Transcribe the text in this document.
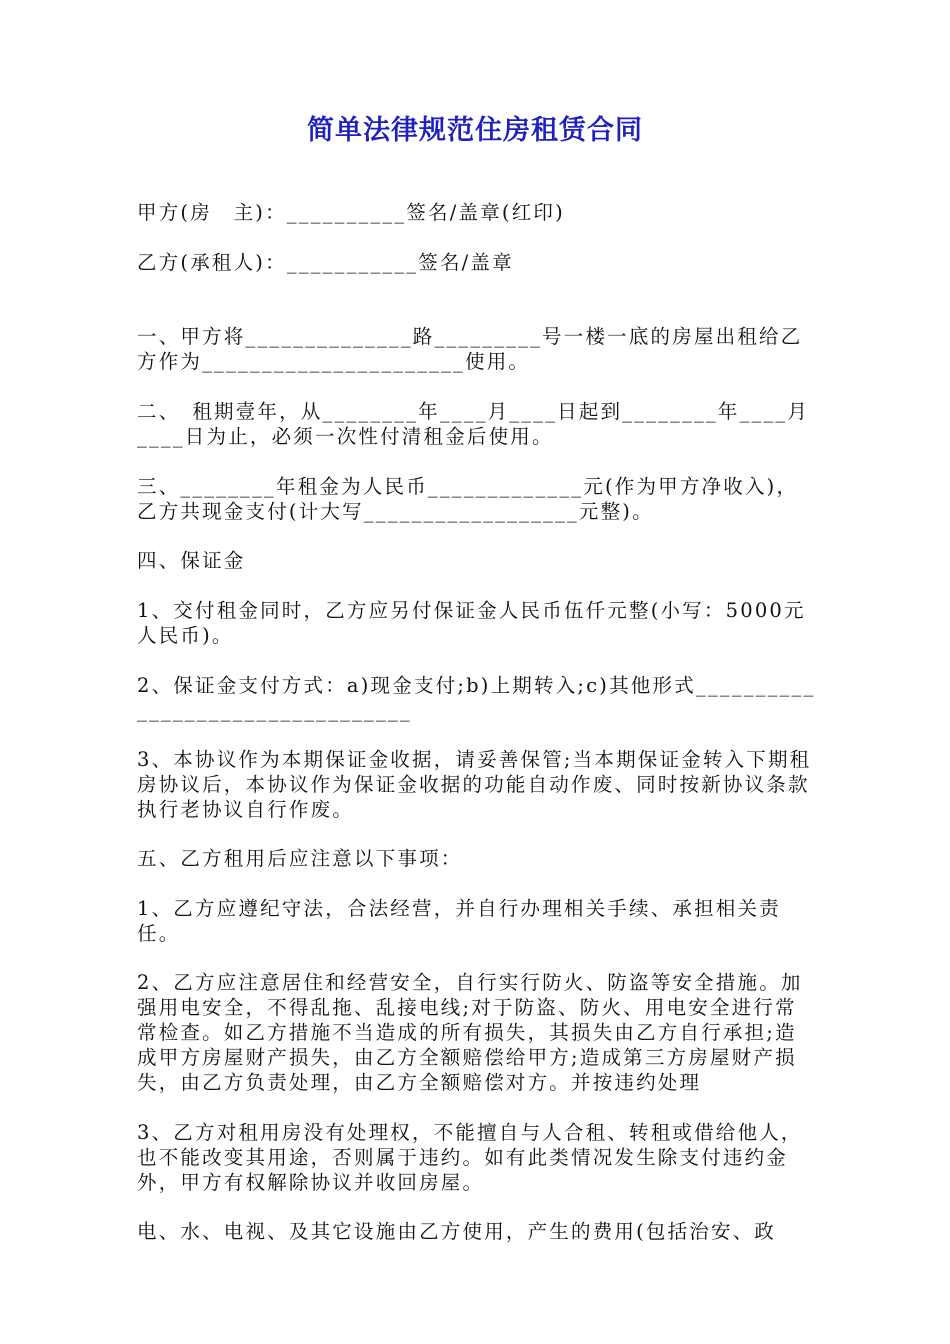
简单法律规范住房租赁合同
甲方(房　主)：__________签名/盖章(红印)
乙方(承租人)：___________签名/盖章
一、甲方将______________路_________号一楼一底的房屋出租给乙方作为______________________使用。
二、　租期壹年，从________年____月____日起到________年____月____日为止，必须一次性付清租金后使用。
三、________年租金为人民币_____________元(作为甲方净收入)，乙方共现金支付(计大写__________________元整)。
四、保证金
1、交付租金同时，乙方应另付保证金人民币伍仟元整(小写：5000元人民币)。
2、保证金支付方式：a)现金支付;b)上期转入;c)其他形式_________________________________
3、本协议作为本期保证金收据，请妥善保管;当本期保证金转入下期租房协议后，本协议作为保证金收据的功能自动作废、同时按新协议条款执行老协议自行作废。
五、乙方租用后应注意以下事项：
1、乙方应遵纪守法，合法经营，并自行办理相关手续、承担相关责任。
2、乙方应注意居住和经营安全，自行实行防火、防盗等安全措施。加强用电安全，不得乱拖、乱接电线;对于防盗、防火、用电安全进行常常检查。如乙方措施不当造成的所有损失，其损失由乙方自行承担;造成甲方房屋财产损失，由乙方全额赔偿给甲方;造成第三方房屋财产损失，由乙方负责处理，由乙方全额赔偿对方。并按违约处理
3、乙方对租用房没有处理权，不能擅自与人合租、转租或借给他人，也不能改变其用途，否则属于违约。如有此类情况发生除支付违约金外，甲方有权解除协议并收回房屋。
电、水、电视、及其它设施由乙方使用，产生的费用(包括治安、政
